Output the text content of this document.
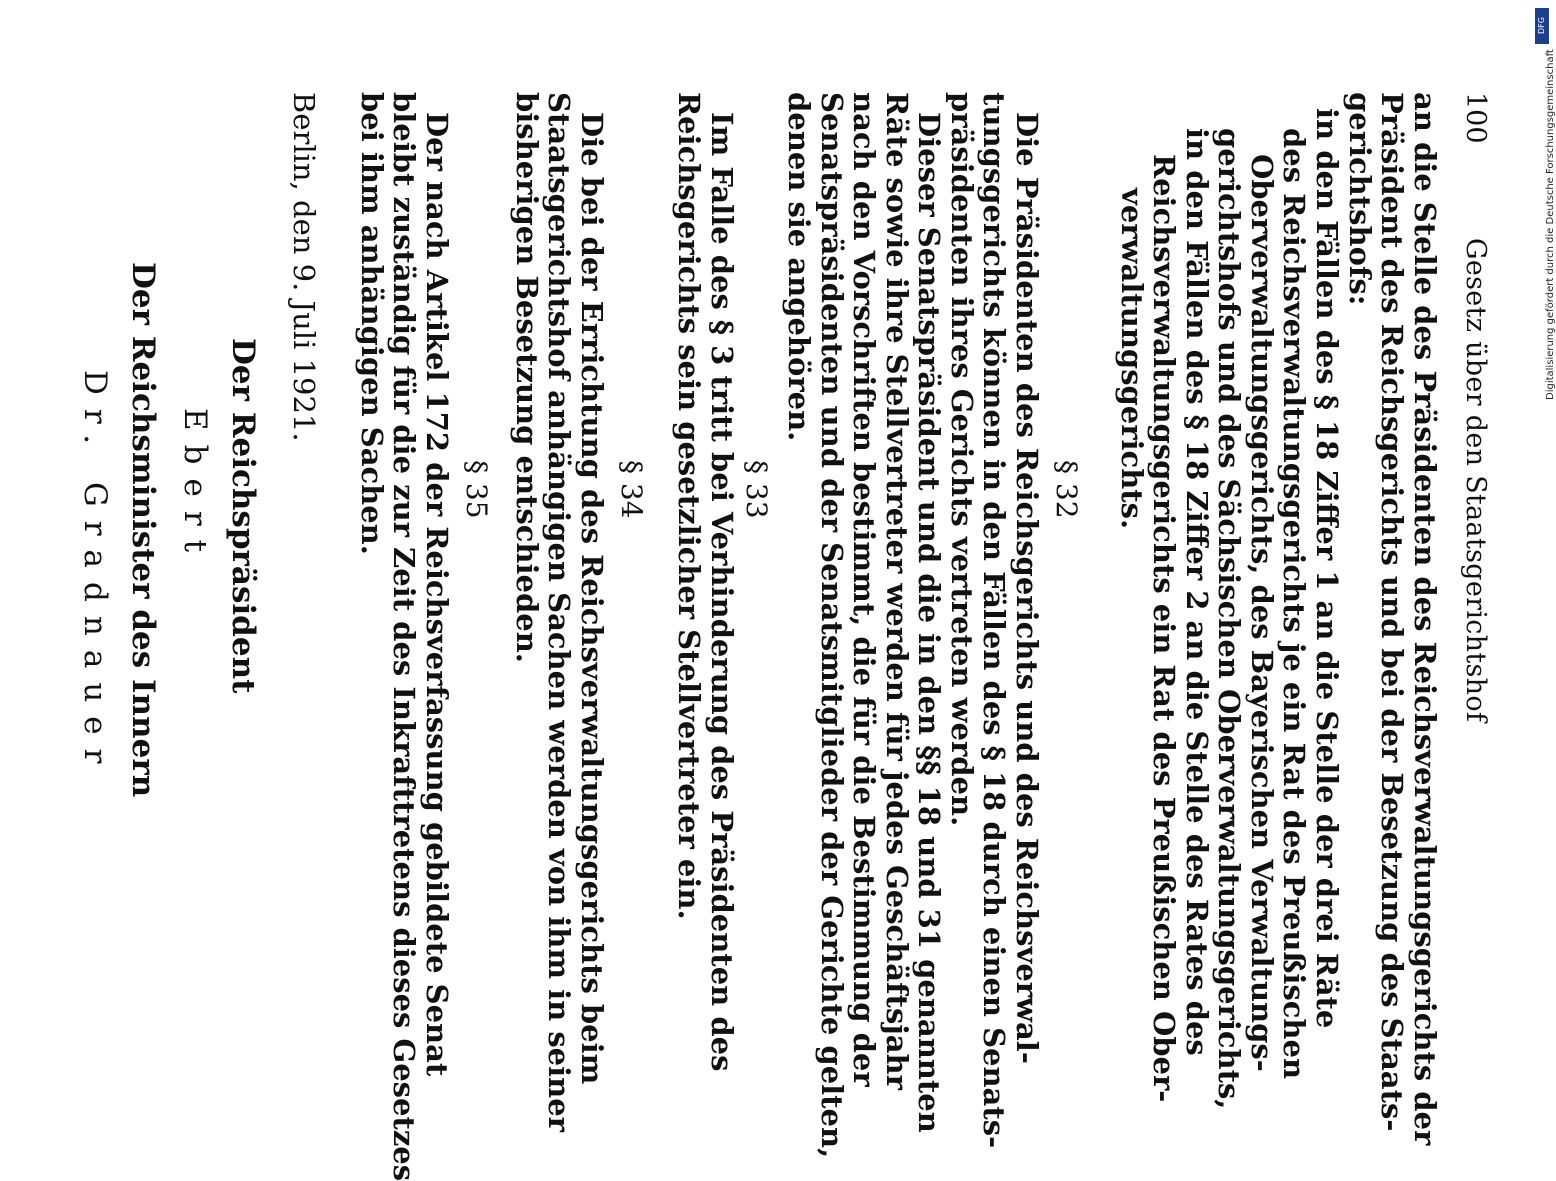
100
Gesetz über den Staatsgerichtshof
an die Stelle des Präsidenten des Reichsverwaltungsgerichts der
Präsident des Reichsgerichts und bei der Besetzung des Staats-
gerichtshofs:
in den Fällen des § 18 Ziffer 1 an die Stelle der drei Räte
des Reichsverwaltungsgerichts je ein Rat des Preußischen
Oberverwaltungsgerichts, des Bayerischen Verwaltungs-
gerichtshofs und des Sächsischen Oberverwaltungsgerichts,
in den Fällen des § 18 Ziffer 2 an die Stelle des Rates des
Reichsverwaltungsgerichts ein Rat des Preußischen Ober-
verwaltungsgerichts.
§ 32
Die Präsidenten des Reichsgerichts und des Reichsverwal-
tungsgerichts können in den Fällen des § 18 durch einen Senats-
präsidenten ihres Gerichts vertreten werden.
Dieser Senatspräsident und die in den §§ 18 und 31 genannten
Räte sowie ihre Stellvertreter werden für jedes Geschäftsjahr
nach den Vorschriften bestimmt, die für die Bestimmung der
Senatspräsidenten und der Senatsmitglieder der Gerichte gelten,
denen sie angehören.
§ 33
Im Falle des § 3 tritt bei Verhinderung des Präsidenten des
Reichsgerichts sein gesetzlicher Stellvertreter ein.
§ 34
Die bei der Errichtung des Reichsverwaltungsgerichts beim
Staatsgerichtshof anhängigen Sachen werden von ihm in seiner
bisherigen Besetzung entschieden.
§ 35
Der nach Artikel 172 der Reichsverfassung gebildete Senat
bleibt zuständig für die zur Zeit des Inkrafttretens dieses Gesetzes
bei ihm anhängigen Sachen.
Berlin, den 9. Juli 1921.
Der Reichspräsident
Ebert
Der Reichsminister des Innern
Dr. Gradnauer
DFG
Digitalisierung gefördert durch die Deutsche Forschungsgemeinschaft
